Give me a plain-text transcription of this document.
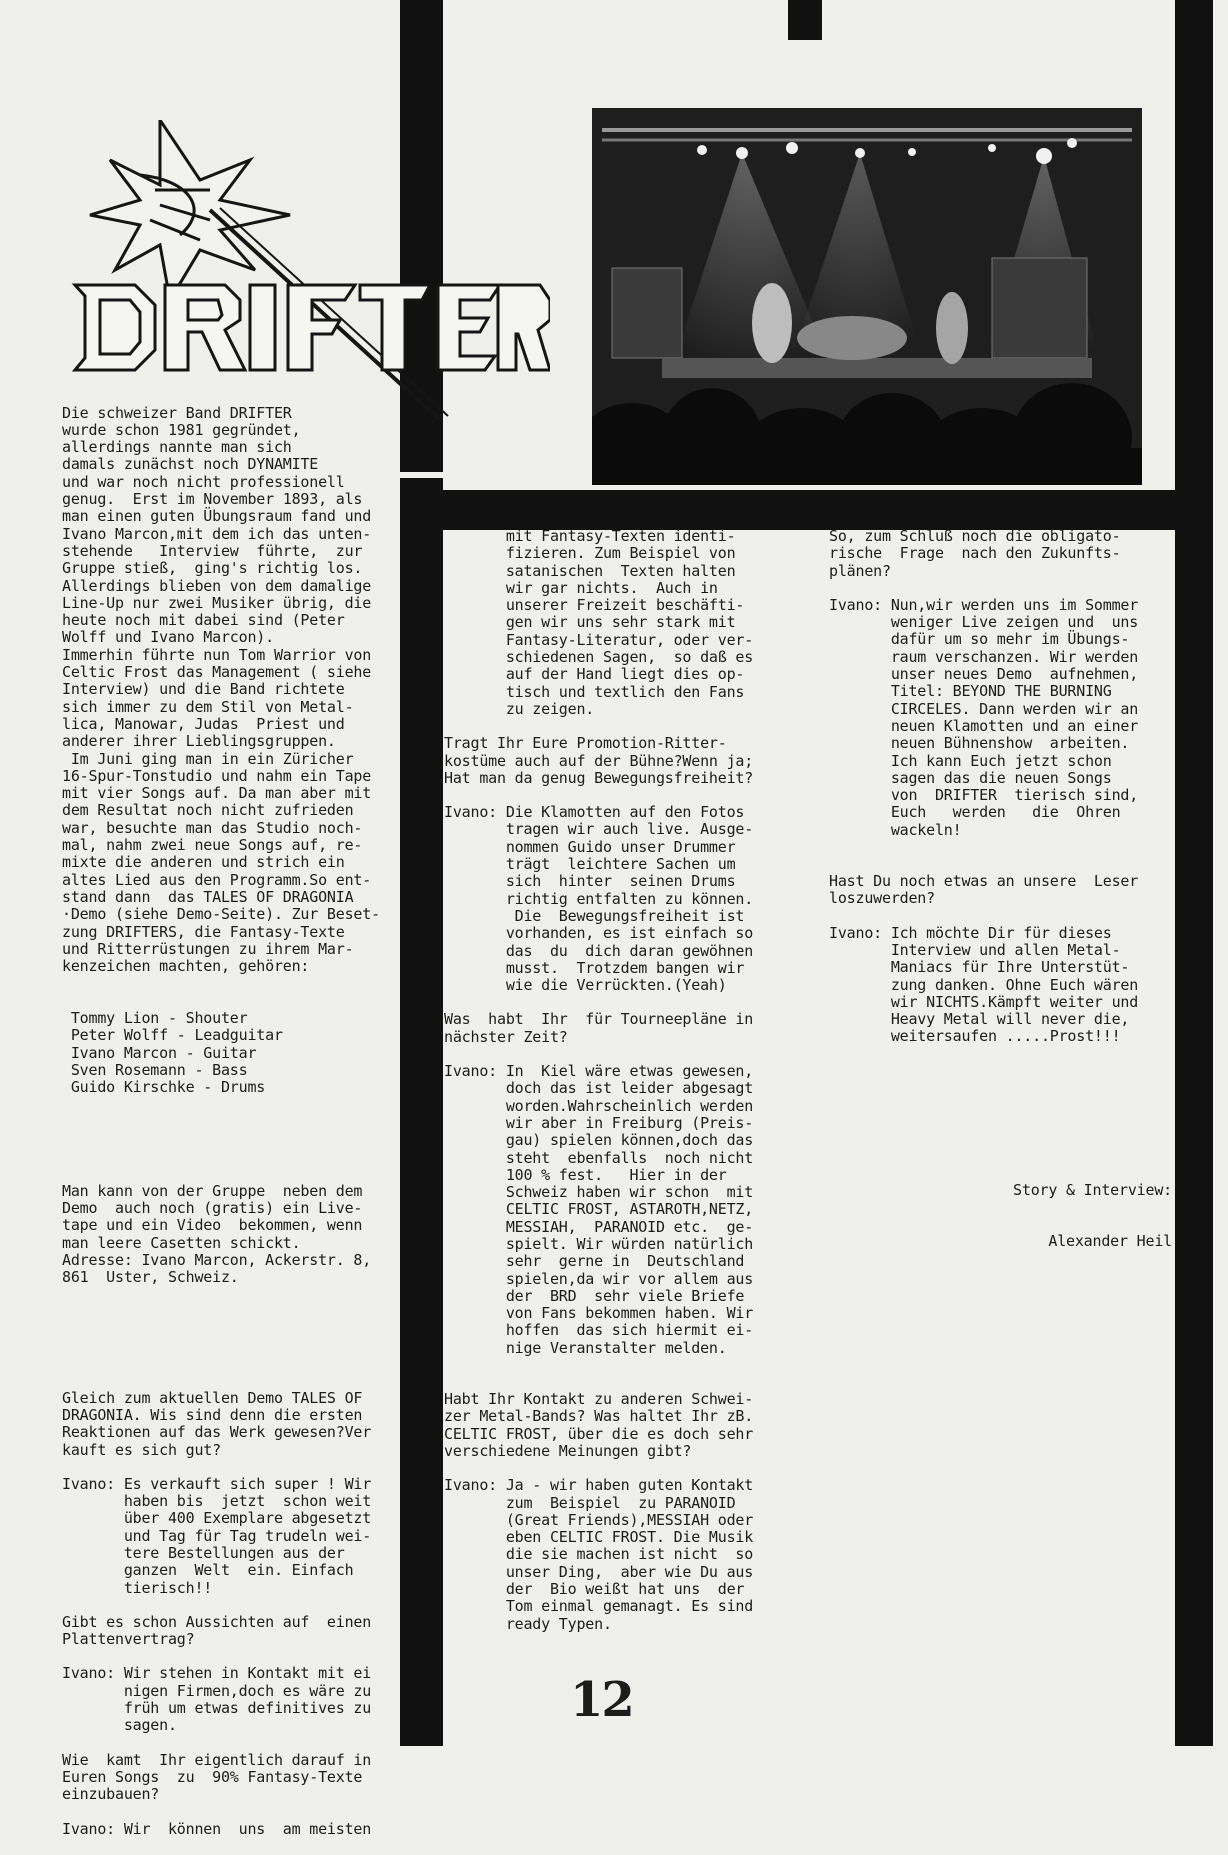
Die schweizer Band DRIFTER
wurde schon 1981 gegründet,
allerdings nannte man sich
damals zunächst noch DYNAMITE
und war noch nicht professionell
genug.  Erst im November 1893, als
man einen guten Übungsraum fand und
Ivano Marcon,mit dem ich das unten-
stehende   Interview  führte,  zur
Gruppe stieß,  ging's richtig los.
Allerdings blieben von dem damalige
Line-Up nur zwei Musiker übrig, die
heute noch mit dabei sind (Peter
Wolff und Ivano Marcon).
Immerhin führte nun Tom Warrior von
Celtic Frost das Management ( siehe
Interview) und die Band richtete
sich immer zu dem Stil von Metal-
lica, Manowar, Judas  Priest und
anderer ihrer Lieblingsgruppen.
Im Juni ging man in ein Züricher
16-Spur-Tonstudio und nahm ein Tape
mit vier Songs auf. Da man aber mit
dem Resultat noch nicht zufrieden
war, besuchte man das Studio noch-
mal, nahm zwei neue Songs auf, re-
mixte die anderen und strich ein
altes Lied aus den Programm.So ent-
stand dann  das TALES OF DRAGONIA
·Demo (siehe Demo-Seite). Zur Beset-
zung DRIFTERS, die Fantasy-Texte
und Ritterrüstungen zu ihrem Mar-
kenzeichen machten, gehören:

Tommy Lion - Shouter
Peter Wolff - Leadguitar
Ivano Marcon - Guitar
Sven Rosemann - Bass
Guido Kirschke - Drums

Man kann von der Gruppe  neben dem
Demo  auch noch (gratis) ein Live-
tape und ein Video  bekommen, wenn
man leere Casetten schickt.
Adresse: Ivano Marcon, Ackerstr. 8,
861  Uster, Schweiz.

Gleich zum aktuellen Demo TALES OF
DRAGONIA. Wis sind denn die ersten
Reaktionen auf das Werk gewesen?Ver
kauft es sich gut?
Ivano: Es verkauft sich super ! Wir
haben bis  jetzt  schon weit
über 400 Exemplare abgesetzt
und Tag für Tag trudeln wei-
tere Bestellungen aus der
ganzen  Welt  ein. Einfach
tierisch!!
Gibt es schon Aussichten auf  einen
Plattenvertrag?
Ivano: Wir stehen in Kontakt mit ei
nigen Firmen,doch es wäre zu
früh um etwas definitives zu
sagen.
Wie  kamt  Ihr eigentlich darauf in
Euren Songs  zu  90% Fantasy-Texte
einzubauen?
Ivano: Wir  können  uns  am meisten

mit Fantasy-Texten identi-
fizieren. Zum Beispiel von
satanischen  Texten halten
wir gar nichts.  Auch in
unserer Freizeit beschäfti-
gen wir uns sehr stark mit
Fantasy-Literatur, oder ver-
schiedenen Sagen,  so daß es
auf der Hand liegt dies op-
tisch und textlich den Fans
zu zeigen.
Tragt Ihr Eure Promotion-Ritter-
kostüme auch auf der Bühne?Wenn ja;
Hat man da genug Bewegungsfreiheit?
Ivano: Die Klamotten auf den Fotos
tragen wir auch live. Ausge-
nommen Guido unser Drummer
trägt  leichtere Sachen um
sich  hinter  seinen Drums
richtig entfalten zu können.
Die  Bewegungsfreiheit ist
vorhanden, es ist einfach so
das  du  dich daran gewöhnen
musst.  Trotzdem bangen wir
wie die Verrückten.(Yeah)
Was  habt  Ihr  für Tourneepläne in
nächster Zeit?
Ivano: In  Kiel wäre etwas gewesen,
doch das ist leider abgesagt
worden.Wahrscheinlich werden
wir aber in Freiburg (Preis-
gau) spielen können,doch das
steht  ebenfalls  noch nicht
100 % fest.   Hier in der
Schweiz haben wir schon  mit
CELTIC FROST, ASTAROTH,NETZ,
MESSIAH,  PARANOID etc.  ge-
spielt. Wir würden natürlich
sehr  gerne in  Deutschland
spielen,da wir vor allem aus
der  BRD  sehr viele Briefe
von Fans bekommen haben. Wir
hoffen  das sich hiermit ei-
nige Veranstalter melden.
Habt Ihr Kontakt zu anderen Schwei-
zer Metal-Bands? Was haltet Ihr zB.
CELTIC FROST, über die es doch sehr
verschiedene Meinungen gibt?
Ivano: Ja - wir haben guten Kontakt
zum  Beispiel  zu PARANOID
(Great Friends),MESSIAH oder
eben CELTIC FROST. Die Musik
die sie machen ist nicht  so
unser Ding,  aber wie Du aus
der  Bio weißt hat uns  der
Tom einmal gemanagt. Es sind
ready Typen.
So, zum Schluß noch die obligato-
rische  Frage  nach den Zukunfts-
plänen?
Ivano: Nun,wir werden uns im Sommer
weniger Live zeigen und  uns
dafür um so mehr im Übungs-
raum verschanzen. Wir werden
unser neues Demo  aufnehmen,
Titel: BEYOND THE BURNING
CIRCELES. Dann werden wir an
neuen Klamotten und an einer
neuen Bühnenshow  arbeiten.
Ich kann Euch jetzt schon
sagen das die neuen Songs
von  DRIFTER  tierisch sind,
Euch   werden   die  Ohren
wackeln!
Hast Du noch etwas an unsere  Leser
loszuwerden?
Ivano: Ich möchte Dir für dieses
Interview und allen Metal-
Maniacs für Ihre Unterstüt-
zung danken. Ohne Euch wären
wir NICHTS.Kämpft weiter und
Heavy Metal will never die,
weitersaufen .....Prost!!!

Story & Interview:

Alexander Heil

12
